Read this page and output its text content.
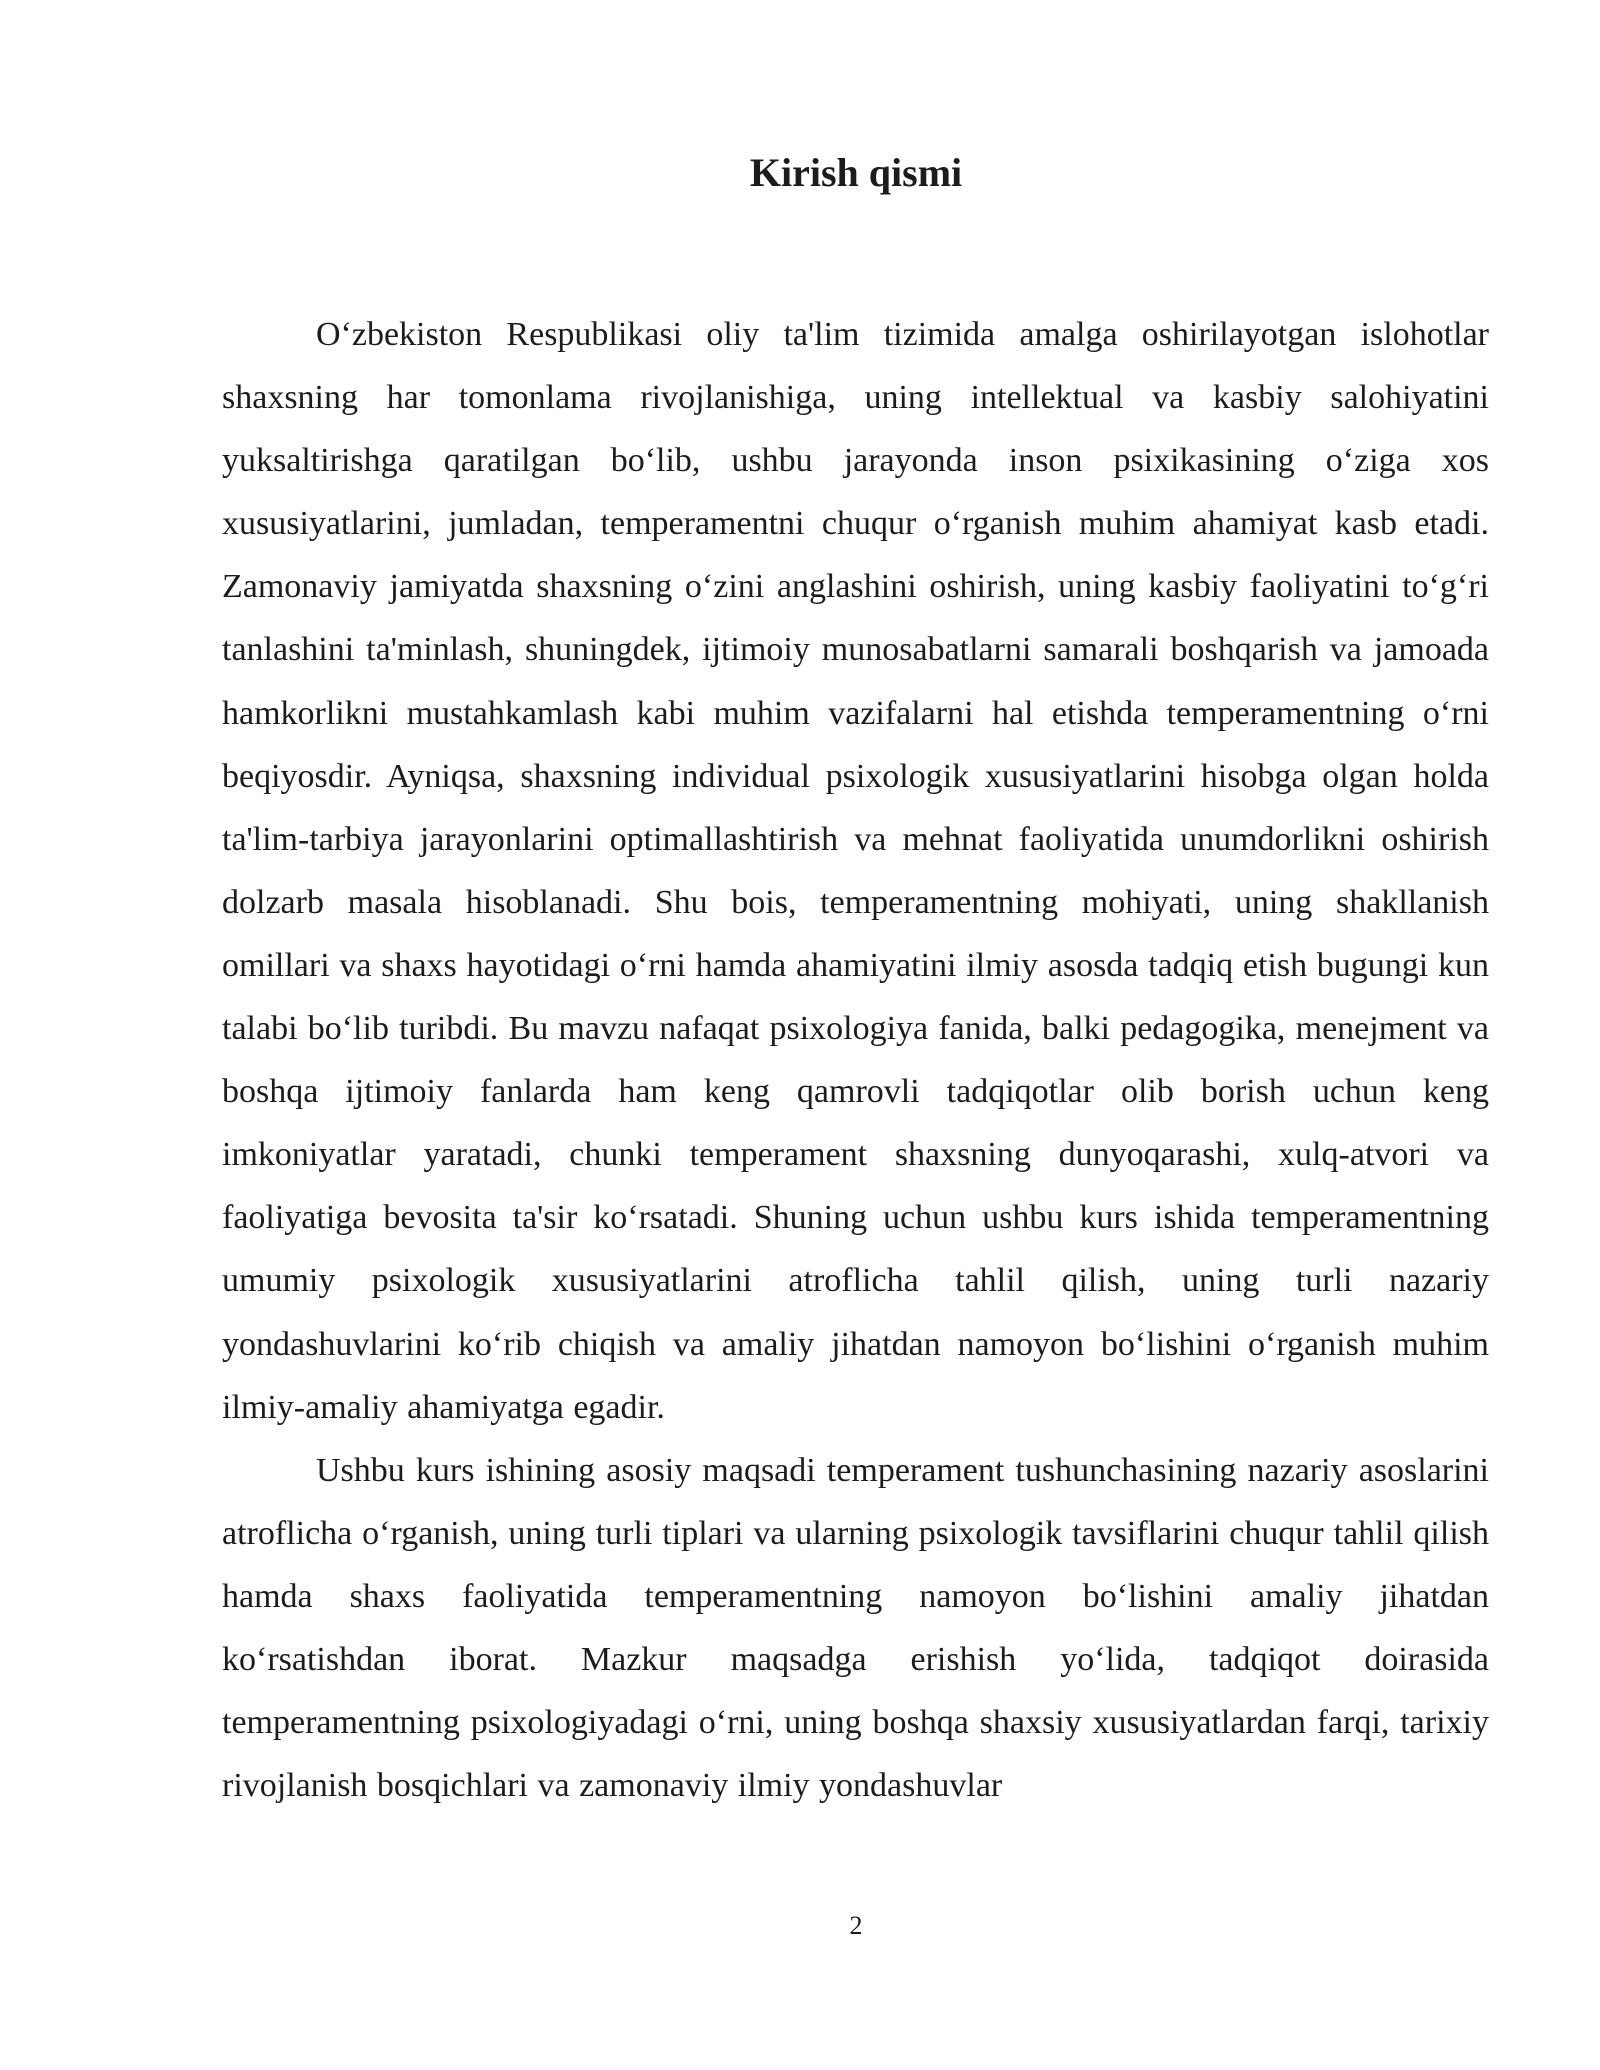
Kirish qismi

O‘zbekiston Respublikasi oliy ta'lim tizimida amalga oshirilayotgan islohotlar shaxsning har tomonlama rivojlanishiga, uning intellektual va kasbiy salohiyatini yuksaltirishga qaratilgan bo‘lib, ushbu jarayonda inson psixikasining o‘ziga xos xususiyatlarini, jumladan, temperamentni chuqur o‘rganish muhim ahamiyat kasb etadi. Zamonaviy jamiyatda shaxsning o‘zini anglashini oshirish, uning kasbiy faoliyatini to‘g‘ri tanlashini ta'minlash, shuningdek, ijtimoiy munosabatlarni samarali boshqarish va jamoada hamkorlikni mustahkamlash kabi muhim vazifalarni hal etishda temperamentning o‘rni beqiyosdir. Ayniqsa, shaxsning individual psixologik xususiyatlarini hisobga olgan holda ta'lim-tarbiya jarayonlarini optimallashtirish va mehnat faoliyatida unumdorlikni oshirish dolzarb masala hisoblanadi. Shu bois, temperamentning mohiyati, uning shakllanish omillari va shaxs hayotidagi o‘rni hamda ahamiyatini ilmiy asosda tadqiq etish bugungi kun talabi bo‘lib turibdi. Bu mavzu nafaqat psixologiya fanida, balki pedagogika, menejment va boshqa ijtimoiy fanlarda ham keng qamrovli tadqiqotlar olib borish uchun keng imkoniyatlar yaratadi, chunki temperament shaxsning dunyoqarashi, xulq-atvori va faoliyatiga bevosita ta'sir ko‘rsatadi. Shuning uchun ushbu kurs ishida temperamentning umumiy psixologik xususiyatlarini atroflicha tahlil qilish, uning turli nazariy yondashuvlarini ko‘rib chiqish va amaliy jihatdan namoyon bo‘lishini o‘rganish muhim ilmiy-amaliy ahamiyatga egadir.

Ushbu kurs ishining asosiy maqsadi temperament tushunchasining nazariy asoslarini atroflicha o‘rganish, uning turli tiplari va ularning psixologik tavsiflarini chuqur tahlil qilish hamda shaxs faoliyatida temperamentning namoyon bo‘lishini amaliy jihatdan ko‘rsatishdan iborat. Mazkur maqsadga erishish yo‘lida, tadqiqot doirasida temperamentning psixologiyadagi o‘rni, uning boshqa shaxsiy xususiyatlardan farqi, tarixiy rivojlanish bosqichlari va zamonaviy ilmiy yondashuvlar

2
